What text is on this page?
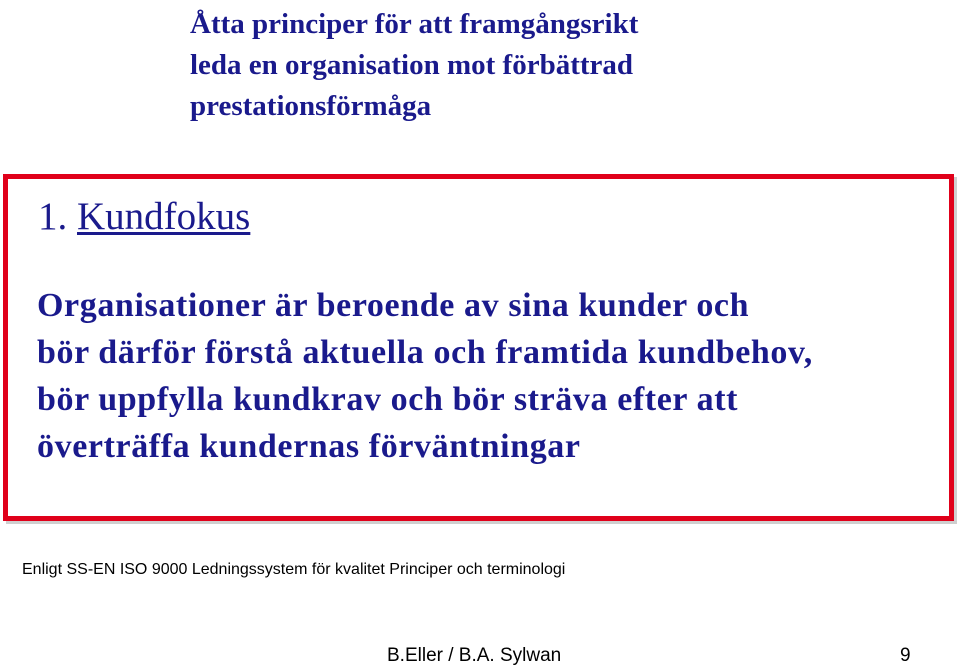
Åtta principer för att framgångsrikt
leda en organisation mot förbättrad
prestationsförmåga
1. Kundfokus

Organisationer är beroende av sina kunder och
bör därför förstå aktuella och framtida kundbehov,
bör uppfylla kundkrav och bör sträva efter att
överträffa kundernas förväntningar

Enligt SS-EN ISO 9000 Ledningssystem för kvalitet Principer och terminologi

B.Eller / B.A. Sylwan	9
